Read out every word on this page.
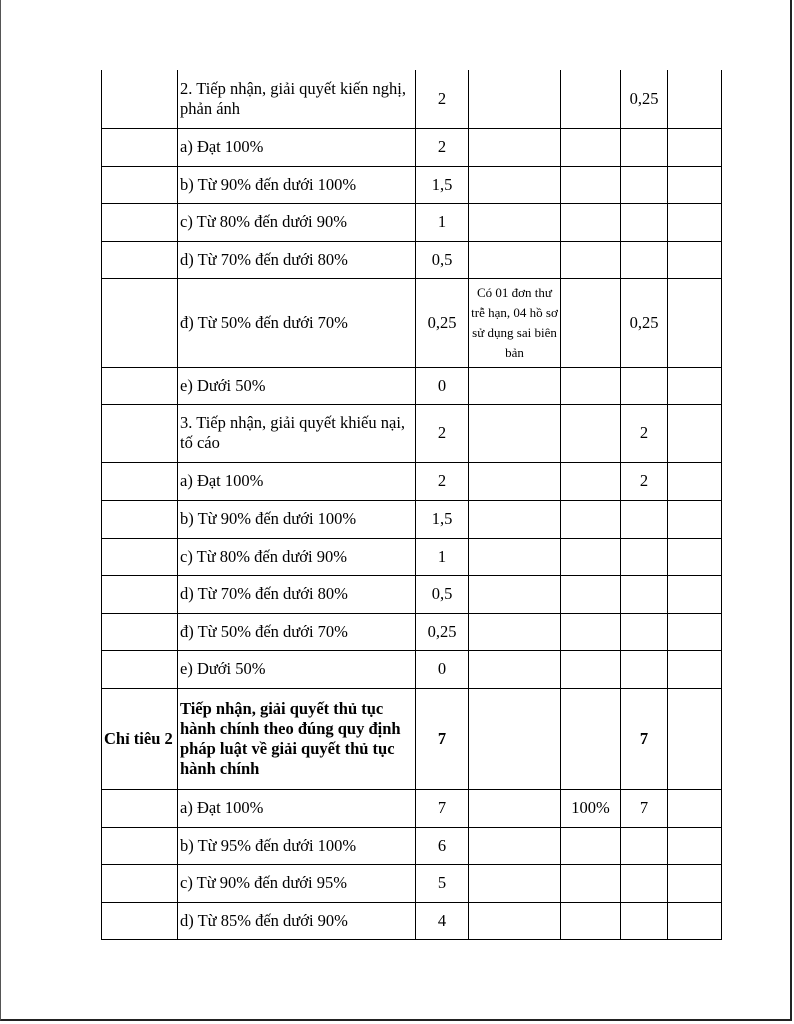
	2. Tiếp nhận, giải quyết kiến nghị, phản ánh	2			0,25	
	a) Đạt 100%	2				
	b) Từ 90% đến dưới 100%	1,5				
	c) Từ 80% đến dưới 90%	1				
	d) Từ 70% đến dưới 80%	0,5				
	đ) Từ 50% đến dưới 70%	0,25	Có 01 đơn thư trễ hạn, 04 hồ sơ sử dụng sai biên bản		0,25	
	e) Dưới 50%	0				
	3. Tiếp nhận, giải quyết khiếu nại, tố cáo	2			2	
	a) Đạt 100%	2			2	
	b) Từ 90% đến dưới 100%	1,5				
	c) Từ 80% đến dưới 90%	1				
	d) Từ 70% đến dưới 80%	0,5				
	đ) Từ 50% đến dưới 70%	0,25				
	e) Dưới 50%	0				
Chỉ tiêu 2	Tiếp nhận, giải quyết thủ tục hành chính theo đúng quy định pháp luật về giải quyết thủ tục hành chính	7			7	
	a) Đạt 100%	7		100%	7	
	b) Từ 95% đến dưới 100%	6				
	c) Từ 90% đến dưới 95%	5				
	d) Từ 85% đến dưới 90%	4				
